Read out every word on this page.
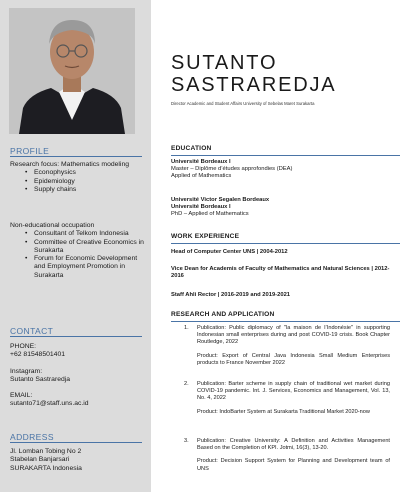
PROFILE
Research focus: Mathematics modeling
• Econophysics
• Epidemiology
• Supply chains
Non-educational occupation
• Consultant of Telkom Indonesia
• Committee of Creative Economics in Surakarta
• Forum for Economic Development and Employment Promotion in Surakarta
CONTACT
PHONE:
+62 81548501401
Instagram:
Sutanto Sastraredja
EMAIL:
sutanto71@staff.uns.ac.id
ADDRESS
Jl. Lomban Tobing No 2
Stabelan Banjarsari
SURAKARTA Indonesia
SUTANTO
SASTRAREDJA
Director Academic and Student Affairs University of Sebelas Maret Surakarta
EDUCATION
Université Bordeaux I
Master – Diplôme d’études approfondies (DEA)
Applied of Mathematics
Université Victor Segalen Bordeaux
Université Bordeaux I
PhD – Applied of Mathematics
WORK EXPERIENCE
Head of Computer Center UNS | 2004-2012
Vice Dean for Academis of Faculty of Mathematics and Natural Sciences | 2012-2016
Staff Ahli Rector | 2016-2019 and 2019-2021
RESEARCH AND APPLICATION
1.	Publication: Public diplomacy of "la maison de l’Indonésie" in supporting Indonesian small enterprises during and post COVID-19 crisis. Book Chapter Routledge, 2022
Product: Export of Central Java Indonesia Small Medium Enterprises products to France November 2022
2.	Publication: Barter scheme in supply chain of traditional wet market during COVID-19 pandemic. Int. J. Services, Economics and Management, Vol. 13, No. 4, 2022
Product: IndoBarter System at Surakarta Traditional Market 2020-now
3.	Publication: Creative University: A Definition and Activities Management Based on the Completion of KPI. Jotmi, 16(3), 13-20.
Product: Decision Support System for Planning and Development team of UNS
